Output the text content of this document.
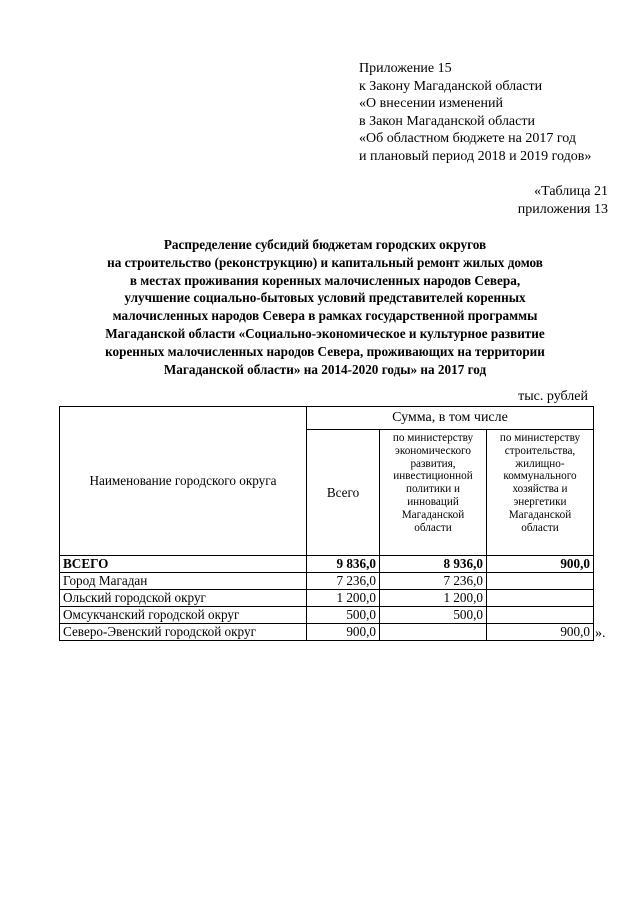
Приложение 15
к Закону Магаданской области
«О внесении изменений
в Закон Магаданской области
«Об областном бюджете на 2017 год
и плановый период 2018 и 2019 годов»
«Таблица 21
приложения 13
Распределение субсидий бюджетам городских округов
на строительство (реконструкцию) и капитальный ремонт жилых домов
в местах проживания коренных малочисленных народов Севера,
улучшение социально-бытовых условий представителей коренных
малочисленных народов Севера в рамках государственной программы
Магаданской области «Социально-экономическое и культурное развитие
коренных малочисленных народов Севера, проживающих на территории
Магаданской области» на 2014-2020 годы» на 2017 год
тыс. рублей
Наименование городского округа	Сумма, в том числе		
	Всего	по министерству экономического развития, инвестиционной политики и инноваций Магаданской области	по министерству строительства, жилищно-коммунального хозяйства и энергетики Магаданской области
ВСЕГО	9 836,0	8 936,0	900,0
Город Магадан	7 236,0	7 236,0	
Ольский городской округ	1 200,0	1 200,0	
Омсукчанский городской округ	500,0	500,0	
Северо-Эвенский городской округ	900,0		900,0 ».
